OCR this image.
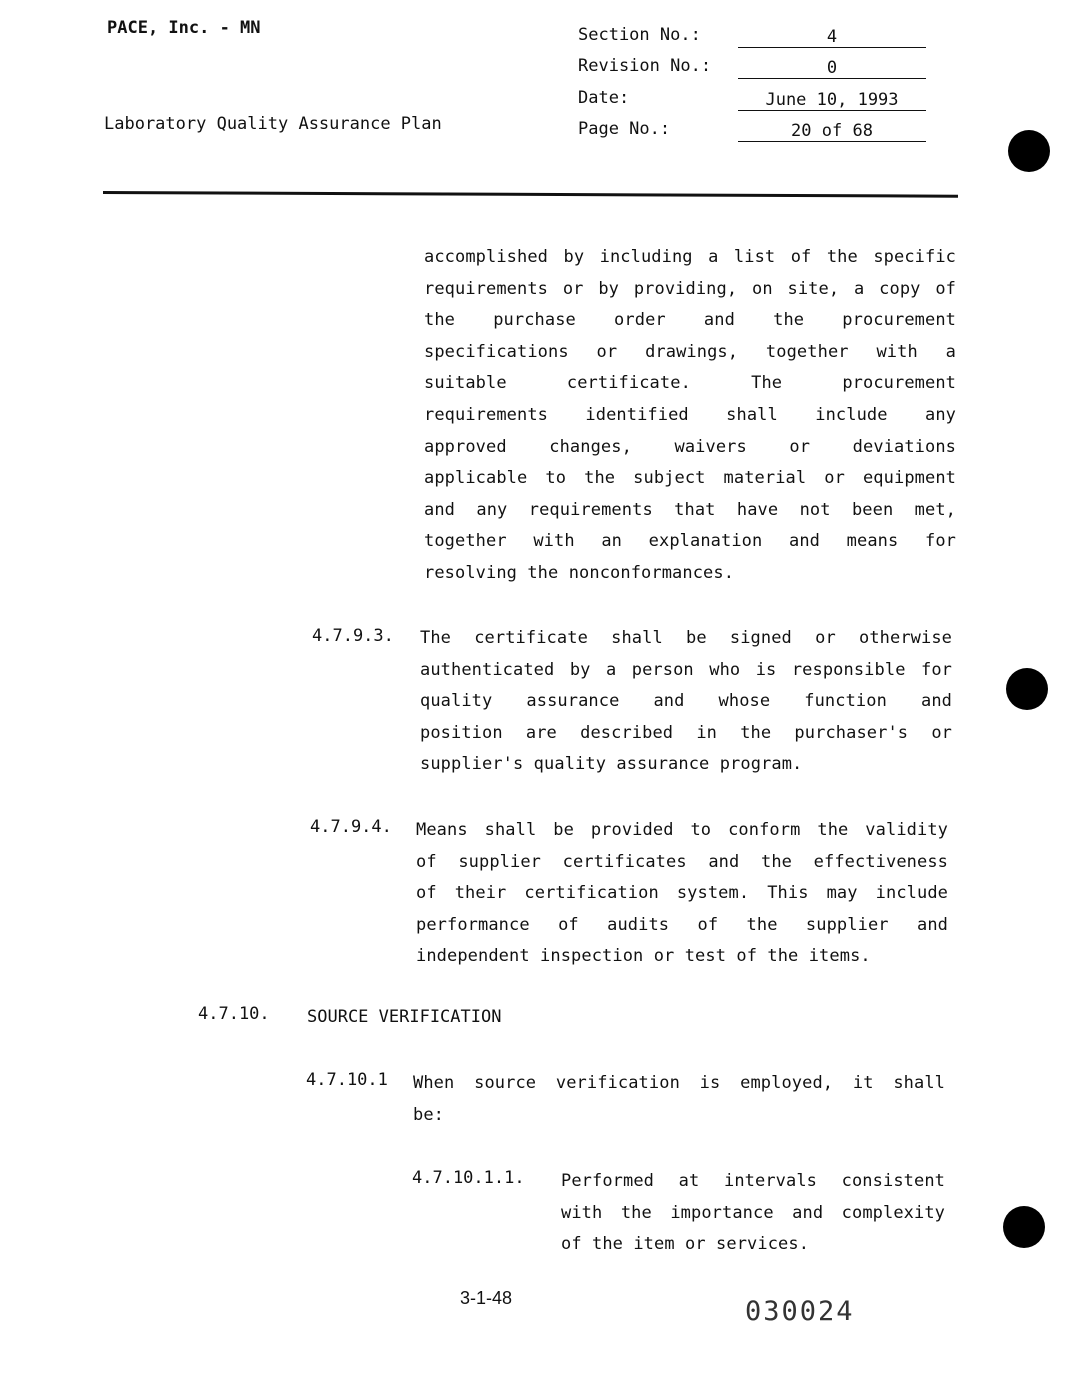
PACE, Inc. - MN
Laboratory Quality Assurance Plan
Section No.:	4
Revision No.:	0
Date:	June 10, 1993
Page No.:	20 of 68
accomplished by including a list of the specific
requirements or by providing, on site, a copy of
the purchase order and the procurement
specifications or drawings, together with a
suitable certificate. The procurement
requirements identified shall include any
approved changes, waivers or deviations
applicable to the subject material or equipment
and any requirements that have not been met,
together with an explanation and means for
resolving the nonconformances.
4.7.9.3. The certificate shall be signed or otherwise
authenticated by a person who is responsible for
quality assurance and whose function and
position are described in the purchaser's or
supplier's quality assurance program.
4.7.9.4. Means shall be provided to conform the validity
of supplier certificates and the effectiveness
of their certification system. This may include
performance of audits of the supplier and
independent inspection or test of the items.
4.7.10. SOURCE VERIFICATION
4.7.10.1 When source verification is employed, it shall
be:
4.7.10.1.1. Performed at intervals consistent
with the importance and complexity
of the item or services.
3-1-48	030024
